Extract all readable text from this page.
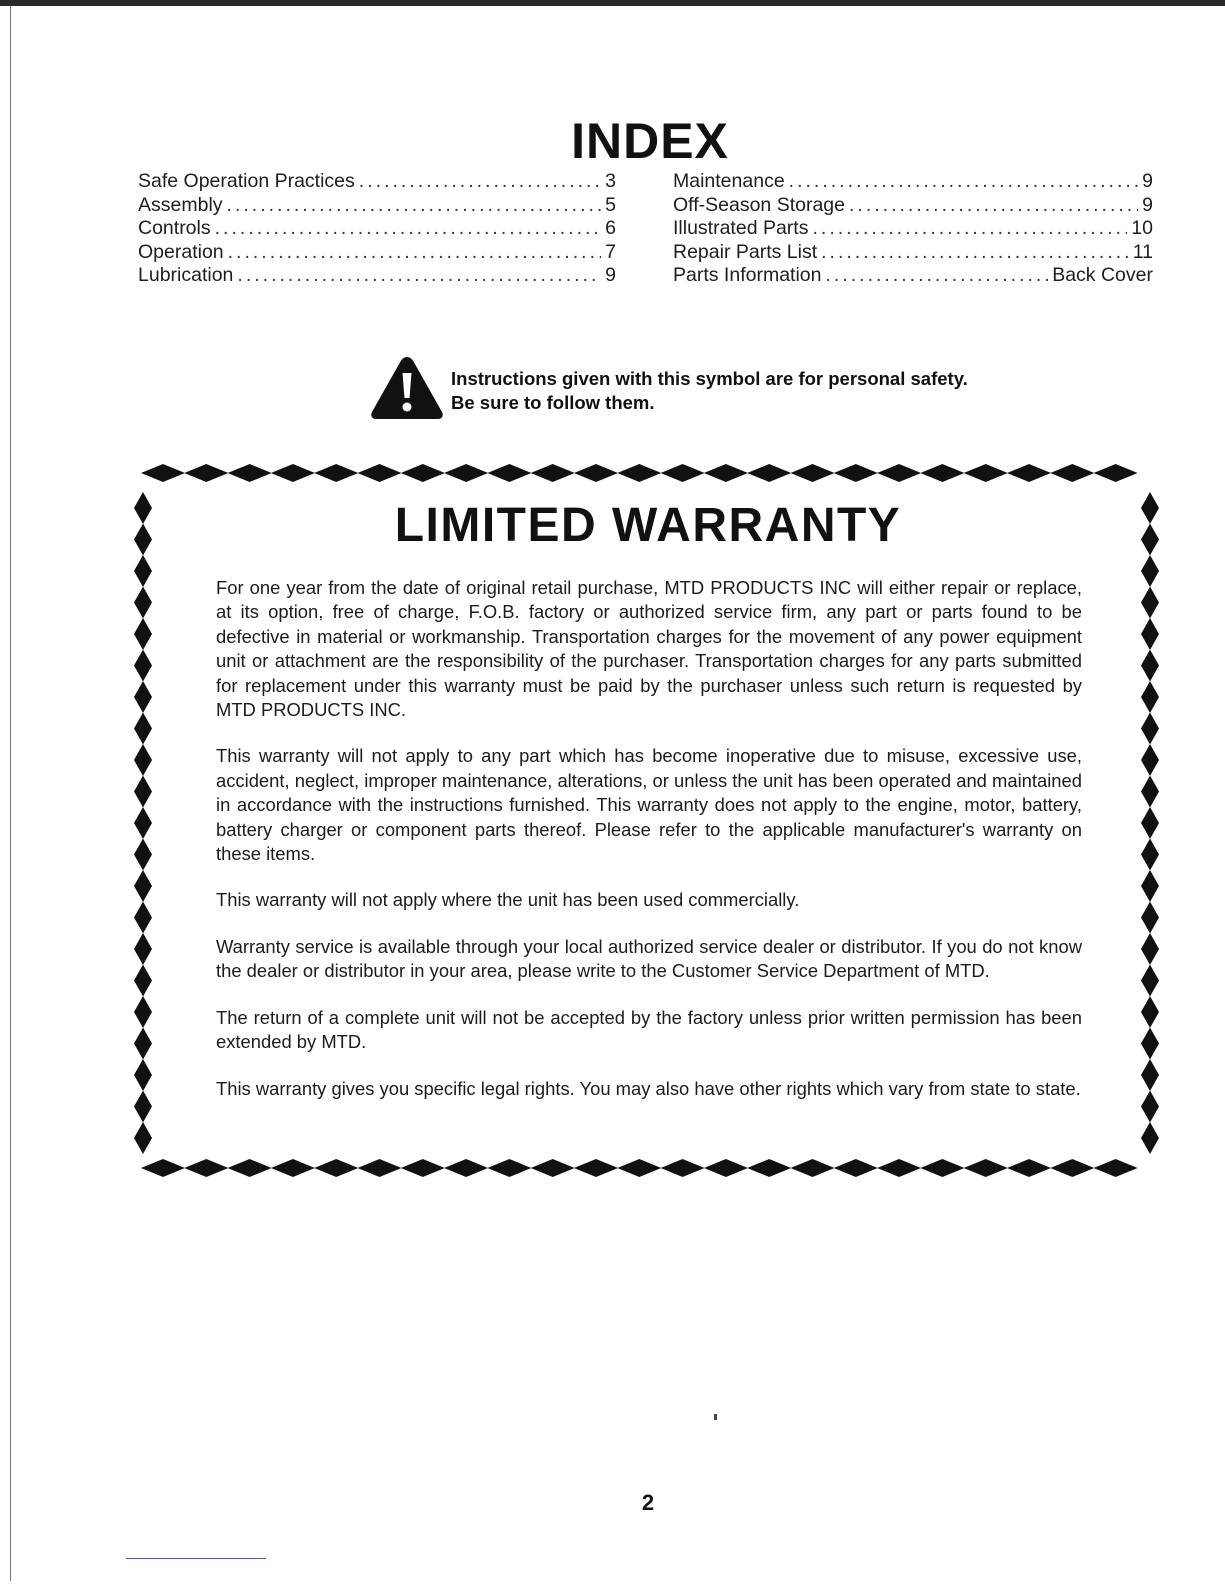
INDEX
Safe Operation Practices .....	3
Assembly .....	5
Controls .....	6
Operation .....	7
Lubrication .....	9
Maintenance .....	9
Off-Season Storage .....	9
Illustrated Parts .....	10
Repair Parts List .....	11
Parts Information .....	Back Cover
Instructions given with this symbol are for personal safety. Be sure to follow them.
LIMITED WARRANTY

For one year from the date of original retail purchase, MTD PRODUCTS INC will either repair or replace, at its option, free of charge, F.O.B. factory or authorized service firm, any part or parts found to be defective in material or workmanship. Transportation charges for the movement of any power equipment unit or attachment are the responsibility of the purchaser. Transportation charges for any parts submitted for replacement under this warranty must be paid by the purchaser unless such return is requested by MTD PRODUCTS INC.

This warranty will not apply to any part which has become inoperative due to misuse, excessive use, accident, neglect, improper maintenance, alterations, or unless the unit has been operated and maintained in accordance with the instructions furnished. This warranty does not apply to the engine, motor, battery, battery charger or component parts thereof. Please refer to the applicable manufacturer's warranty on these items.

This warranty will not apply where the unit has been used commercially.

Warranty service is available through your local authorized service dealer or distributor. If you do not know the dealer or distributor in your area, please write to the Customer Service Department of MTD.

The return of a complete unit will not be accepted by the factory unless prior written permission has been extended by MTD.

This warranty gives you specific legal rights. You may also have other rights which vary from state to state.

2
